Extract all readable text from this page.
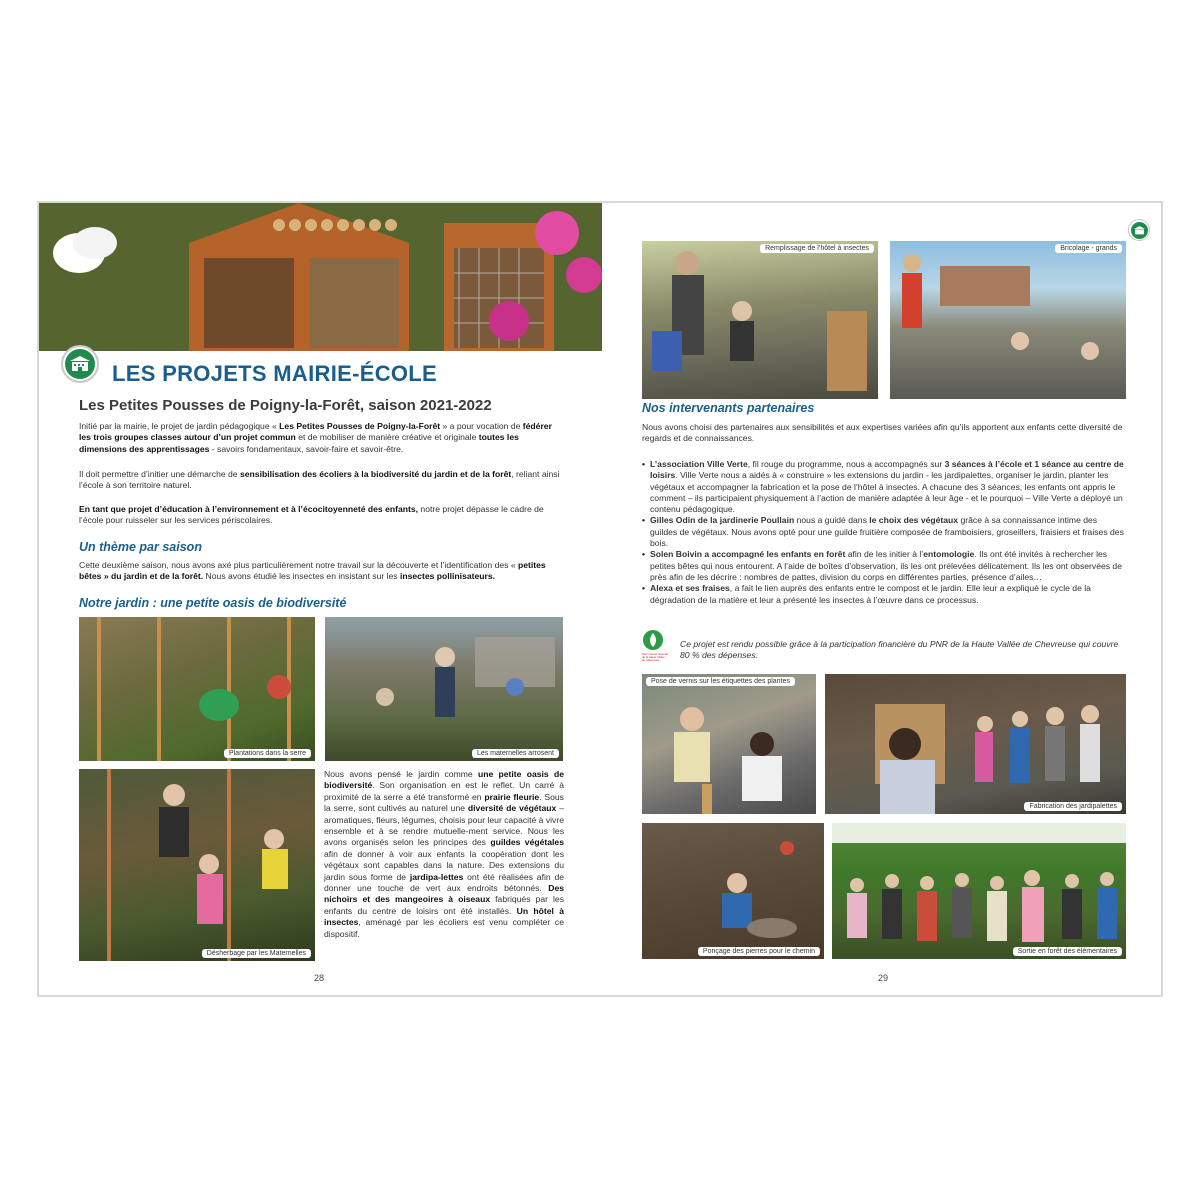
LES PROJETS MAIRIE-ÉCOLE
Les Petites Pousses de Poigny-la-Forêt, saison 2021-2022

Initié par la mairie, le projet de jardin pédagogique « Les Petites Pousses de Poigny-la-Forêt » a pour vocation de fédérer les trois groupes classes autour d’un projet commun et de mobiliser de manière créative et originale toutes les dimensions des apprentissages - savoirs fondamentaux, savoir-faire et savoir-être.

Il doit permettre d’initier une démarche de sensibilisation des écoliers à la biodiversité du jardin et de la forêt, reliant ainsi l’école à son territoire naturel.

En tant que projet d’éducation à l’environnement et à l’écocitoyenneté des enfants, notre projet dépasse le cadre de l’école pour ruisseler sur les services périscolaires.

Un thème par saison

Cette deuxième saison, nous avons axé plus particulièrement notre travail sur la découverte et l’identification des « petites bêtes » du jardin et de la forêt. Nous avons étudié les insectes en insistant sur les insectes pollinisateurs.

Notre jardin : une petite oasis de biodiversité
Plantations dans la serre	Les maternelles arrosent
Désherbage par les Maternelles

Nous avons pensé le jardin comme une petite oasis de biodiversité. Son organisation en est le reflet. Un carré à proximité de la serre a été transformé en prairie fleurie. Sous la serre, sont cultivés au naturel une diversité de végétaux – aromatiques, fleurs, légumes, choisis pour leur capacité à vivre ensemble et à se rendre mutuelle-ment service. Nous les avons organisés selon les principes des guildes végétales afin de donner à voir aux enfants la coopération dont les végétaux sont capables dans la nature. Des extensions du jardin sous forme de jardipa-lettes ont été réalisées afin de donner une touche de vert aux endroits bétonnés. Des nichoirs et des mangeoires à oiseaux fabriqués par les enfants du centre de loisirs ont été installés. Un hôtel à insectes, aménagé par les écoliers est venu compléter ce dispositif.

28
Remplissage de l’hôtel à insectes	Bricolage - grands
Nos intervenants partenaires

Nous avons choisi des partenaires aux sensibilités et aux expertises variées afin qu’ils apportent aux enfants cette diversité de regards et de connaissances.

• L’association Ville Verte, fil rouge du programme, nous a accompagnés sur 3 séances à l’école et 1 séance au centre de loisirs. Ville Verte nous a aidés à « construire » les extensions du jardin - les jardipalettes, organiser le jardin, planter les végétaux et accompagner la fabrication et la pose de l’hôtel à insectes. A chacune des 3 séances, les enfants ont appris le comment – ils participaient physiquement à l’action de manière adaptée à leur âge - et le pourquoi – Ville Verte a déployé un contenu pédagogique.
• Gilles Odin de la jardinerie Poullain nous a guidé dans le choix des végétaux grâce à sa connaissance intime des guildes de végétaux. Nous avons opté pour une guilde fruitière composée de framboisiers, groseillers, fraisiers et fraises des bois.
• Solen Boivin a accompagné les enfants en forêt afin de les initier à l’entomologie. Ils ont été invités à rechercher les petites bêtes qui nous entourent. A l’aide de boîtes d’observation, ils les ont prélevées délicatement. Ils les ont observées de près afin de les décrire : nombres de pattes, division du corps en différentes parties, présence d’ailes…
• Alexa et ses fraises, a fait le lien auprès des enfants entre le compost et le jardin. Elle leur a expliqué le cycle de la dégradation de la matière et leur a présenté les insectes à l’œuvre dans ce processus.
Parc naturel régional de la Haute Vallée de Chevreuse

Ce projet est rendu possible grâce à la participation financière du PNR de la Haute Vallée de Chevreuse qui couvre 80 % des dépenses.

Pose de vernis sur les étiquettes des plantes
Fabrication des jardipalettes
Ponçage des pierres pour le chemin	Sortie en forêt des élémentaires
29
